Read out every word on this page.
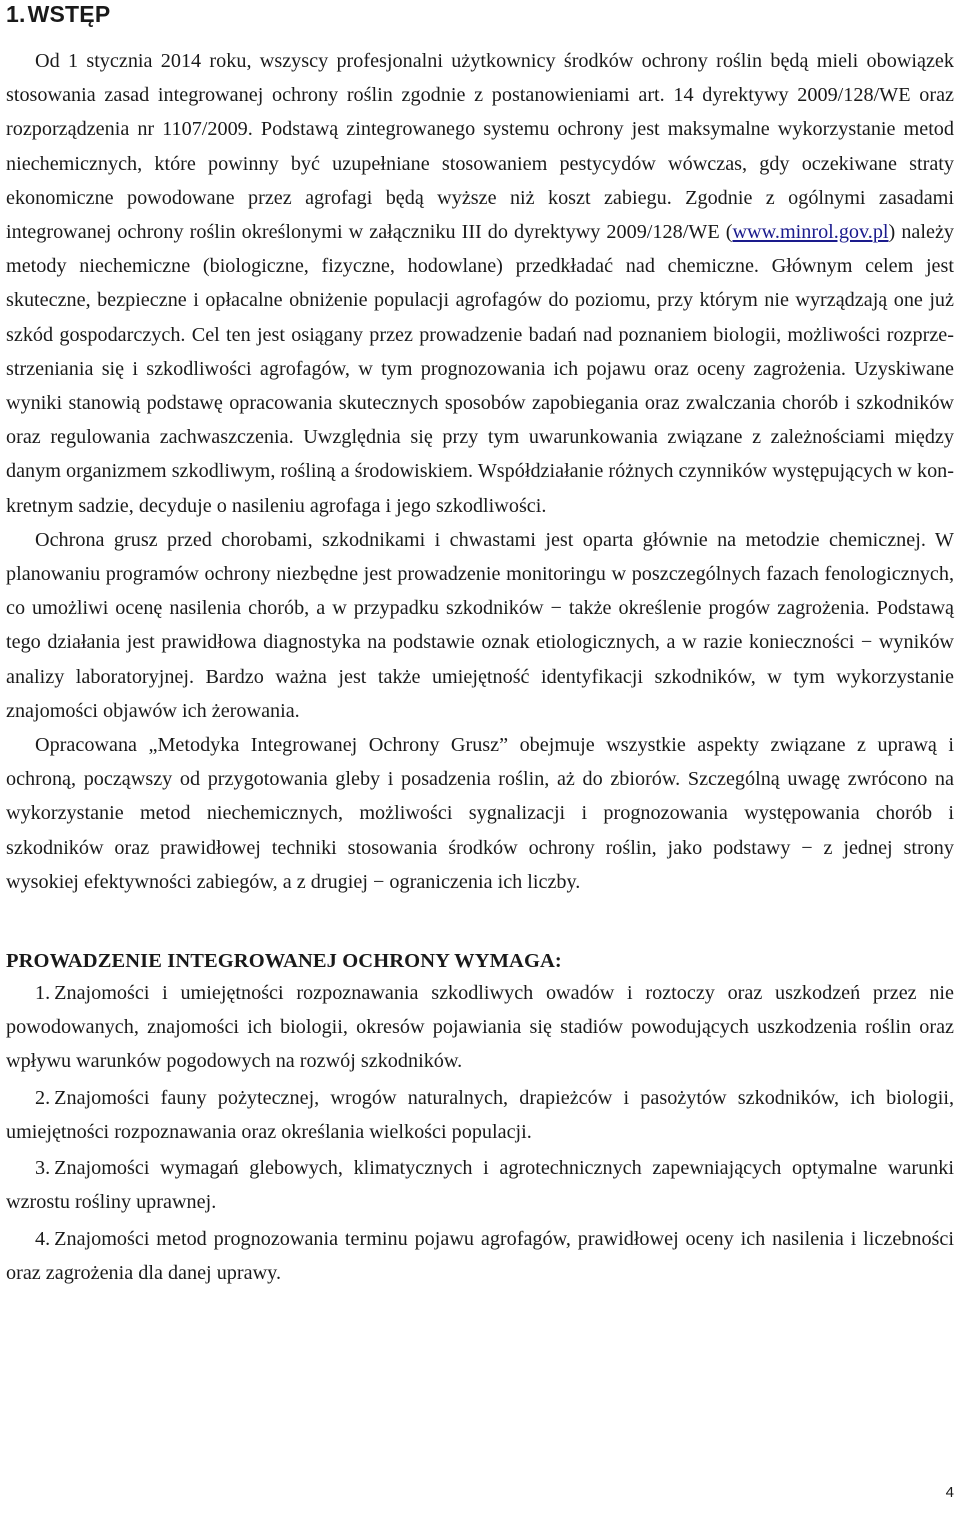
1.WSTĘP

Od 1 stycznia 2014 roku, wszyscy profesjonalni użytkownicy środków ochrony roślin będą mieli obowiązek stosowania zasad integrowanej ochrony roślin zgodnie z postanowieniami art. 14 dyrektywy 2009/128/WE oraz rozporządzenia nr 1107/2009. Podstawą zintegrowanego systemu ochrony jest maksymalne wykorzystanie metod niechemicznych, które powinny być uzupełniane stosowaniem pestycydów wówczas, gdy oczekiwane straty ekonomiczne powodowane przez agrofagi będą wyższe niż koszt zabiegu. Zgodnie z ogólnymi zasadami integrowanej ochrony roślin określonymi w załączniku III do dyrektywy 2009/128/WE (www.minrol.gov.pl) należy metody niechemiczne (biologiczne, fizyczne, hodowlane) przedkładać nad chemiczne. Głównym celem jest skuteczne, bezpieczne i opłacalne obniżenie populacji agrofagów do poziomu, przy którym nie wyrządzają one już szkód gospodarczych. Cel ten jest osiągany przez prowadzenie badań nad poznaniem biologii, możliwości rozprzestrzeniania się i szkodliwości agrofagów, w tym prognozowania ich pojawu oraz oceny zagrożenia. Uzyskiwane wyniki stanowią podstawę opracowania skutecznych sposobów zapobiegania oraz zwalczania chorób i szkodników oraz regulowania zachwaszczenia. Uwzględnia się przy tym uwarunkowania związane z zależnościami między danym organizmem szkodliwym, rośliną a środowiskiem. Współdziałanie różnych czynników występujących w konkretnym sadzie, decyduje o nasileniu agrofaga i jego szkodliwości.

Ochrona grusz przed chorobami, szkodnikami i chwastami jest oparta głównie na metodzie chemicznej. W planowaniu programów ochrony niezbędne jest prowadzenie monitoringu w poszczególnych fazach fenologicznych, co umożliwi ocenę nasilenia chorób, a w przypadku szkodników − także określenie progów zagrożenia. Podstawą tego działania jest prawidłowa diagnostyka na podstawie oznak etiologicznych, a w razie konieczności − wyników analizy laboratoryjnej. Bardzo ważna jest także umiejętność identyfikacji szkodników, w tym wykorzystanie znajomości objawów ich żerowania.

Opracowana „Metodyka Integrowanej Ochrony Grusz” obejmuje wszystkie aspekty związane z uprawą i ochroną, począwszy od przygotowania gleby i posadzenia roślin, aż do zbiorów. Szczególną uwagę zwrócono na wykorzystanie metod niechemicznych, możliwości sygnalizacji i prognozowania występowania chorób i szkodników oraz prawidłowej techniki stosowania środków ochrony roślin, jako podstawy − z jednej strony wysokiej efektywności zabiegów, a z drugiej − ograniczenia ich liczby.

PROWADZENIE INTEGROWANEJ OCHRONY WYMAGA:
1. Znajomości i umiejętności rozpoznawania szkodliwych owadów i roztoczy oraz uszkodzeń przez nie powodowanych, znajomości ich biologii, okresów pojawiania się stadiów powodujących uszkodzenia roślin oraz wpływu warunków pogodowych na rozwój szkodników.
2. Znajomości fauny pożytecznej, wrogów naturalnych, drapieżców i pasożytów szkodników, ich biologii, umiejętności rozpoznawania oraz określania wielkości populacji.
3. Znajomości wymagań glebowych, klimatycznych i agrotechnicznych zapewniających optymalne warunki wzrostu rośliny uprawnej.
4. Znajomości metod prognozowania terminu pojawu agrofagów, prawidłowej oceny ich nasilenia i liczebności oraz zagrożenia dla danej uprawy.
4
